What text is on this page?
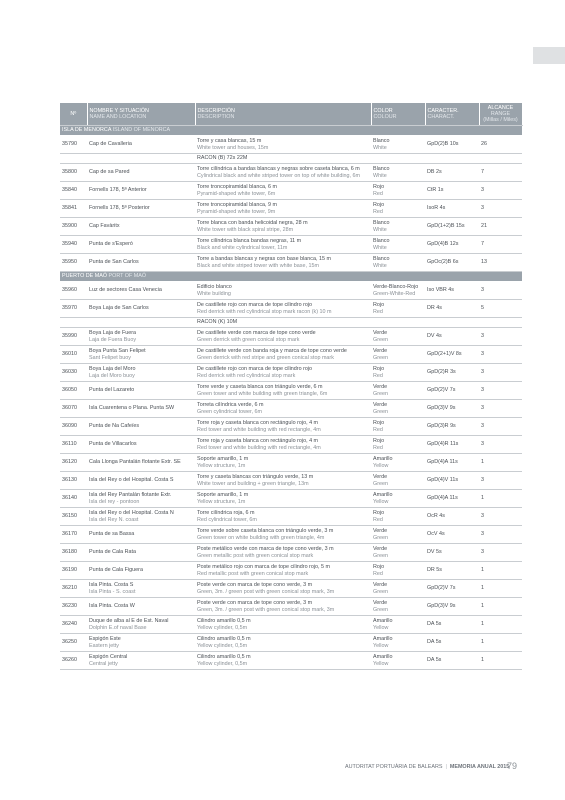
Nº	NOMBRE Y SITUACIÓN
NAME AND LOCATION	DESCRIPCIÓN
DESCRIPTION	COLOR
COLOUR	CARACTER.
CHARACT.	ALCANCE
RANGE
(Millas / Miles)

ISLA DE MENORCA ISLAND OF MENORCA					
35790	Cap de Cavalleria	Torre y casa blancas, 15 m
White tower and houses, 15m	Blanco
White	GpD(2)B 10s	26
		RACON (B) 72s 22M			
35800	Cap de sa Pared	Torre cilíndrica a bandas blancas y negras sobre caseta blanca, 6 m
Cylindrical black and white striped tower on top of white building, 6m	Blanco
White	DB 2s	7
35840	Fornells 178, 5ª Anterior	Torre troncopiramidal blanca, 6 m
Pyramid-shaped white tower, 6m	Rojo
Red	CtR 1s	3
35841	Fornells 178, 5ª Posterior	Torre troncopiramidal blanca, 9 m
Pyramid-shaped white tower, 9m	Rojo
Red	IsoR 4s	3
35900	Cap Favàritx	Torre blanca con banda helicoidal negra, 28 m
White tower with black spiral stripe, 28m	Blanco
White	GpD(1+2)B 15s	21
35940	Punta de s'Esperó	Torre cilíndrica blanca bandas negras, 11 m
Black and white cylindrical tower, 11m	Blanco
White	GpD(4)B 12s	7
35950	Punta de San Carlos	Torre a bandas blancas y negras con base blanca, 15 m
Black and white striped tower with white base, 15m	Blanco
White	GpOc(2)B 6s	13
PUERTO DE MAÓ PORT OF MAÓ					
35960	Luz de sectores Casa Venecia	Edificio blanco
White building	Verde-Blanco-Rojo
Green-White-Red	Iso VBR 4s	3
35970	Boya Laja de San Carlos	De castillete rojo con marca de tope cilindro rojo
Red derrick with red cylindrical stop mark racon (k) 10 m	Rojo
Red	DR 4s	5
		RACON (K) 10M			
35990	Boya Laja de Fuera
Laja de Fuera Buoy	De castillete verde con marca de tope cono verde
Green derrick with green conical stop mark	Verde
Green	DV 4s	3
36010	Boya Punta San Felipet
Sant Felipet buoy	De castillete verde con banda roja y marca de tope cono verde
Green derrick with red stripe and green conical stop mark	Verde
Green	GpD(2+1)V 8s	3
36030	Boya Laja del Moro
Laja del Moro buoy	De castillete rojo con marca de tope cilindro rojo
Red derrick with red cylindrical stop mark	Rojo
Red	GpD(2)R 3s	3
36050	Punta del Lazareto	Torre verde y caseta blanca con triángulo verde, 6 m
Green tower and white building with green triangle, 6m	Verde
Green	GpD(2)V 7s	3
36070	Isla Cuarentena o Plana. Punta SW	Torreta cilíndrica verde, 6 m
Green cylindrical tower, 6m	Verde
Green	GpD(3)V 9s	3
36090	Punta de Na Cafeïes	Torre roja y caseta blanca con rectángulo rojo, 4 m
Red tower and white building with red rectangle, 4m	Rojo
Red	GpD(3)R 9s	3
36110	Punta de Villacarlos	Torre roja y caseta blanca con rectángulo rojo, 4 m
Red tower and white building with red rectangle, 4m	Rojo
Red	GpD(4)R 11s	3
36120	Cala Llonga Pantalán flotante Extr. SE	Soporte amarillo, 1 m
Yellow structure, 1m	Amarillo
Yellow	GpD(4)A 11s	1
36130	Isla del Rey o del Hospital. Costa S	Torre y caseta blancas con triángulo verde, 13 m
White tower and building + green triangle, 13m	Verde
Green	GpD(4)V 11s	3
36140	Isla del Rey Pantalán flotante Extr.
Isla del rey - pontoon	Soporte amarillo, 1 m
Yellow structure, 1m	Amarillo
Yellow	GpD(4)A 11s	1
36150	Isla del Rey o del Hospital. Costa N
Isla del Rey N. coast	Torre cilíndrica roja, 6 m
Red cylindrical tower, 6m	Rojo
Red	OcR 4s	3
36170	Punta de sa Bassa	Torre verde sobre caseta blanca con triángulo verde, 3 m
Green tower on white building with green triangle, 4m	Verde
Green	OcV 4s	3
36180	Punta de Cala Rata	Poste metálico verde con marca de tope cono verde, 3 m
Green metallic post with green conical stop mark	Verde
Green	DV 5s	3
36190	Punta de Cala Figuera	Poste metálico rojo con marca de tope cilindro rojo, 5 m
Red metallic post with green conical stop mark	Rojo
Red	DR 5s	1
36210	Isla Pinta. Costa S
Isla Pinta - S. coast	Poste verde con marca de tope cono verde, 3 m
Green, 3m. / green post with green conical stop mark, 3m	Verde
Green	GpD(2)V 7s	1
36230	Isla Pinta. Costa W	Poste verde con marca de tope cono verde, 3 m
Green, 3m. / green post with green conical stop mark, 3m	Verde
Green	GpD(3)V 9s	1
36240	Duque de alba al E de Est. Naval
Dolphin E.of naval Base	Cilindro amarillo 0,5 m
Yellow cylinder, 0,5m	Amarillo
Yellow	DA 5s	1
36250	Espigón Este
Eastern jetty	Cilindro amarillo 0,5 m
Yellow cylinder, 0,5m	Amarillo
Yellow	DA 5s	1
36260	Espigón Central
Central jetty	Cilindro amarillo 0,5 m
Yellow cylinder, 0,5m	Amarillo
Yellow	DA 5s	1
AUTORITAT PORTUÀRIA DE BALEARS | MEMORIA ANUAL 2015
79
